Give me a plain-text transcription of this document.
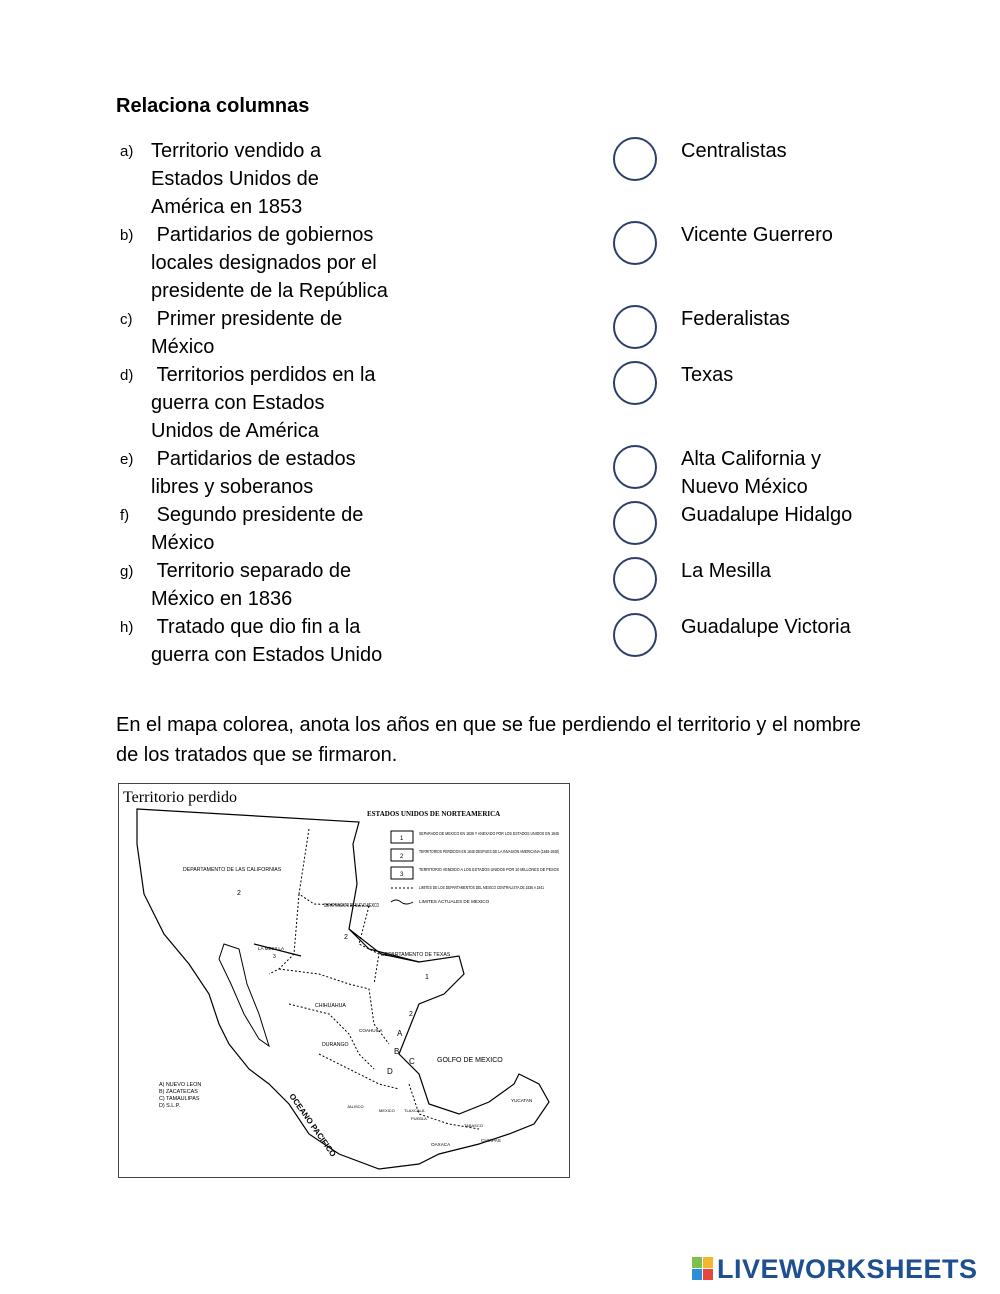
Relaciona columnas
a) Territorio vendido a
Estados Unidos de
América en 1853
b) Partidarios de gobiernos
locales designados por el
presidente de la República
c) Primer presidente de
México
d) Territorios perdidos en la
guerra con Estados
Unidos de América
e) Partidarios de estados
libres y soberanos
f) Segundo presidente de
México
g) Territorio separado de
México en 1836
h) Tratado que dio fin a la
guerra con Estados Unido
Centralistas
Vicente Guerrero
Federalistas
Texas
Alta California y
Nuevo México
Guadalupe Hidalgo
La Mesilla
Guadalupe Victoria
En el mapa colorea, anota los años en que se fue perdiendo el territorio y el nombre de los tratados que se firmaron.
Territorio perdido
ESTADOS UNIDOS DE NORTEAMERICA
1
SEPARADO DE MEXICO EN 1836 Y ANEXADO POR LOS ESTADOS UNIDOS EN 1845
2
TERRITORIOS PERDIDOS EN 1848 DESPUES DE LA INVASION AMERICANA (1846-1848)
3
TERRITORIO VENDIDO A LOS ESTADOS UNIDOS POR 10 MILLONES DE PESOS
LIMITES DE LOS DEPARTAMENTOS DEL MEXICO CENTRALISTA DE 1836 A 1841
LIMITES ACTUALES DE MEXICO
DEPARTAMENTO DE LAS CALIFORNIAS
2
DEPARTAMENTO DE NUEVO MEXICO
2
DEPARTAMENTO DE TEXAS
1
LA MESILLA
3
CHIHUAHUA
2
COAHUILA
DURANGO
A
B
C
D
GOLFO DE MEXICO
JALISCO
MEXICO TLAXCALA
PUEBLA
TABASCO
YUCATAN
OAXACA
CHIAPAS
OCEANO PACIFICO
A) NUEVO LEON
B) ZACATECAS
C) TAMAULIPAS
D) S.L.P.
LIVEWORKSHEETS
